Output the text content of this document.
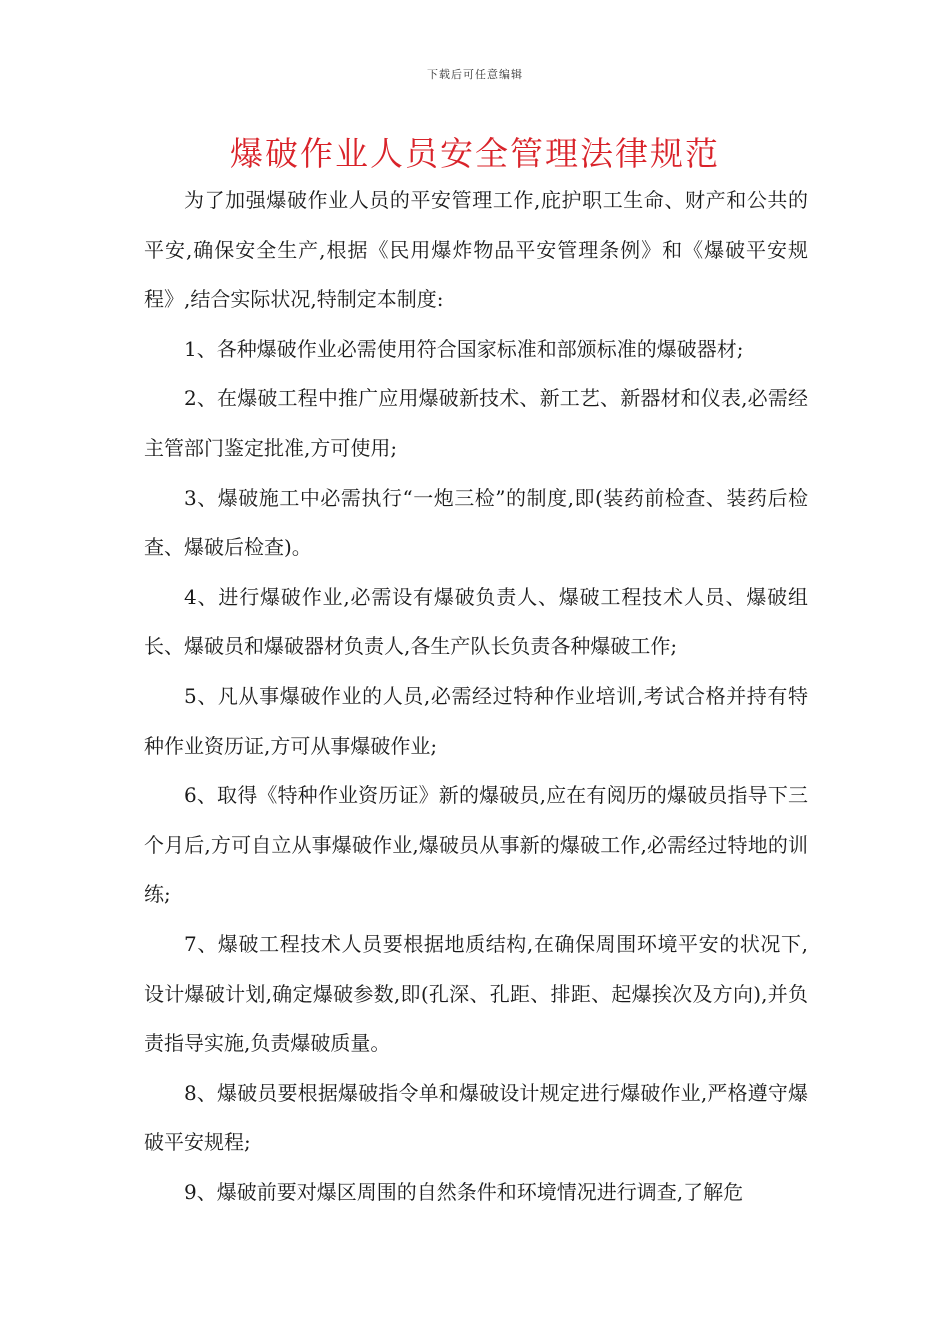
下载后可任意编辑
爆破作业人员安全管理法律规范

为了加强爆破作业人员的平安管理工作,庇护职工生命、财产和公共的平安,确保安全生产,根据《民用爆炸物品平安管理条例》和《爆破平安规程》,结合实际状况,特制定本制度:

1、各种爆破作业必需使用符合国家标准和部颁标准的爆破器材;

2、在爆破工程中推广应用爆破新技术、新工艺、新器材和仪表,必需经主管部门鉴定批准,方可使用;

3、爆破施工中必需执行“一炮三检”的制度,即(装药前检查、装药后检查、爆破后检查)。

4、进行爆破作业,必需设有爆破负责人、爆破工程技术人员、爆破组长、爆破员和爆破器材负责人,各生产队长负责各种爆破工作;

5、凡从事爆破作业的人员,必需经过特种作业培训,考试合格并持有特种作业资历证,方可从事爆破作业;

6、取得《特种作业资历证》新的爆破员,应在有阅历的爆破员指导下三个月后,方可自立从事爆破作业,爆破员从事新的爆破工作,必需经过特地的训练;

7、爆破工程技术人员要根据地质结构,在确保周围环境平安的状况下,设计爆破计划,确定爆破参数,即(孔深、孔距、排距、起爆挨次及方向),并负责指导实施,负责爆破质量。

8、爆破员要根据爆破指令单和爆破设计规定进行爆破作业,严格遵守爆破平安规程;

9、爆破前要对爆区周围的自然条件和环境情况进行调查,了解危
